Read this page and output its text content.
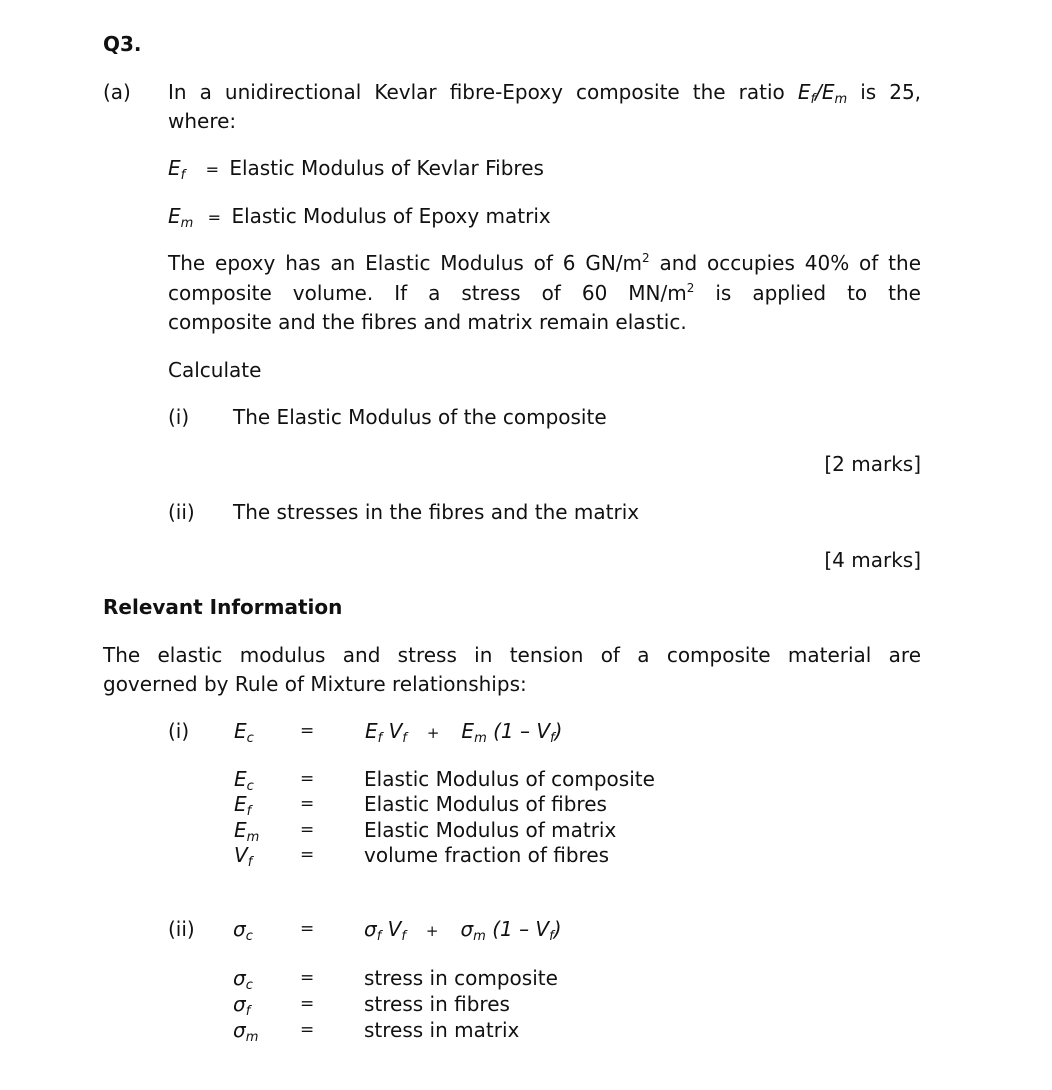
Q3.
(a) In a unidirectional Kevlar fibre-Epoxy composite the ratio $E_f/E_m$ is 25,
where:
$E_f$ = Elastic Modulus of Kevlar Fibres
$E_m$ = Elastic Modulus of Epoxy matrix
The epoxy has an Elastic Modulus of 6 $GN/m^2$ and occupies 40% of the
composite volume. If a stress of 60 $MN/m^2$ is applied to the
composite and the fibres and matrix remain elastic.
Calculate
(i) The Elastic Modulus of the composite
[2 marks]
(ii) The stresses in the fibres and the matrix
[4 marks]
Relevant Information
The elastic modulus and stress in tension of a composite material are
governed by Rule of Mixture relationships:
(i) $E_c$	=	$E_f$ $V_f + E_m$ $(1 - V_f)$
$E_c$	= Elastic Modulus of composite
$E_f$	= Elastic Modulus of fibres
$E_m$ = Elastic Modulus of matrix
$V_f$	= volume fraction of fibres
(ii) $\sigma_c$	= $\sigma_f$ $V_f + \sigma_m$ $(1 - V_f)$
$\sigma_c$	= stress in composite
$\sigma_f$	= stress in fibres
$\sigma_m$ = stress in matrix
